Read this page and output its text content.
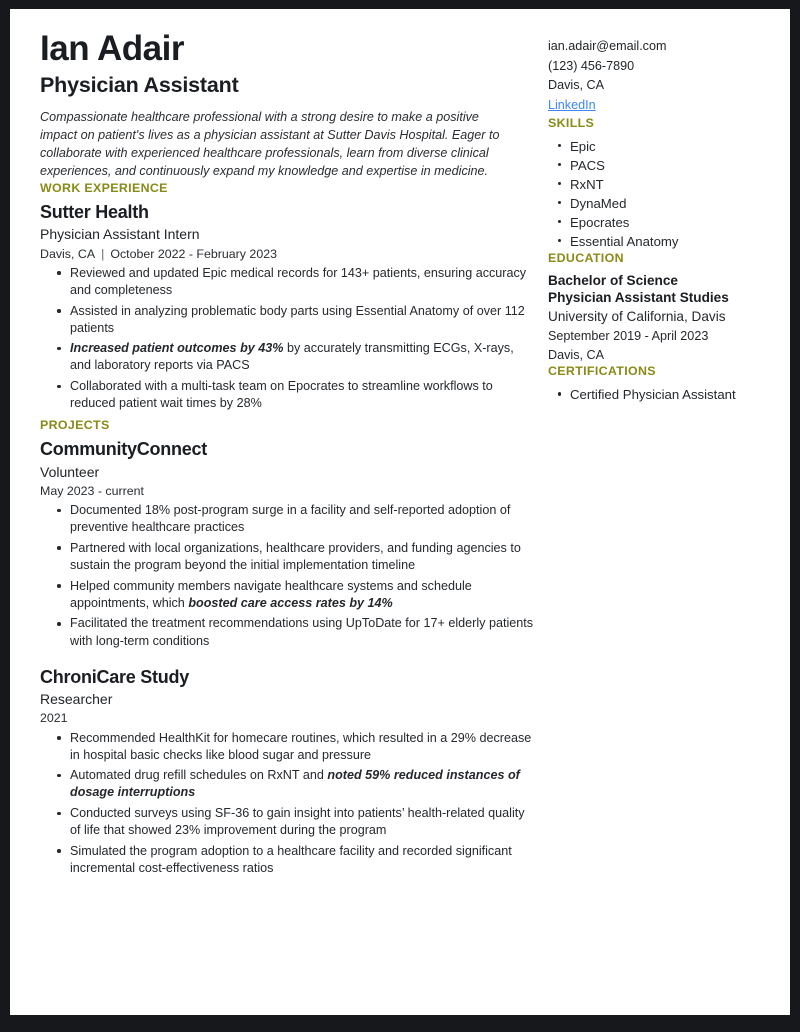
Ian Adair
Physician Assistant

Compassionate healthcare professional with a strong desire to make a positive impact on patient's lives as a physician assistant at Sutter Davis Hospital. Eager to collaborate with experienced healthcare professionals, learn from diverse clinical experiences, and continuously expand my knowledge and expertise in medicine.

WORK EXPERIENCE
Sutter Health
Physician Assistant Intern
Davis, CA | October 2022 - February 2023
Reviewed and updated Epic medical records for 143+ patients, ensuring accuracy and completeness
Assisted in analyzing problematic body parts using Essential Anatomy of over 112 patients
Increased patient outcomes by 43% by accurately transmitting ECGs, X-rays, and laboratory reports via PACS
Collaborated with a multi-task team on Epocrates to streamline workflows to reduced patient wait times by 28%
PROJECTS
CommunityConnect
Volunteer
May 2023 - current
Documented 18% post-program surge in a facility and self-reported adoption of preventive healthcare practices
Partnered with local organizations, healthcare providers, and funding agencies to sustain the program beyond the initial implementation timeline
Helped community members navigate healthcare systems and schedule appointments, which boosted care access rates by 14%
Facilitated the treatment recommendations using UpToDate for 17+ elderly patients with long-term conditions
ChroniCare Study
Researcher
2021
Recommended HealthKit for homecare routines, which resulted in a 29% decrease in hospital basic checks like blood sugar and pressure
Automated drug refill schedules on RxNT and noted 59% reduced instances of dosage interruptions
Conducted surveys using SF-36 to gain insight into patients’ health-related quality of life that showed 23% improvement during the program
Simulated the program adoption to a healthcare facility and recorded significant incremental cost-effectiveness ratios
ian.adair@email.com
(123) 456-7890
Davis, CA
LinkedIn
SKILLS
Epic
PACS
RxNT
DynaMed
Epocrates
Essential Anatomy
EDUCATION

Bachelor of Science

Physician Assistant Studies

University of California, Davis

September 2019 - April 2023

Davis, CA

CERTIFICATIONS
Certified Physician Assistant
